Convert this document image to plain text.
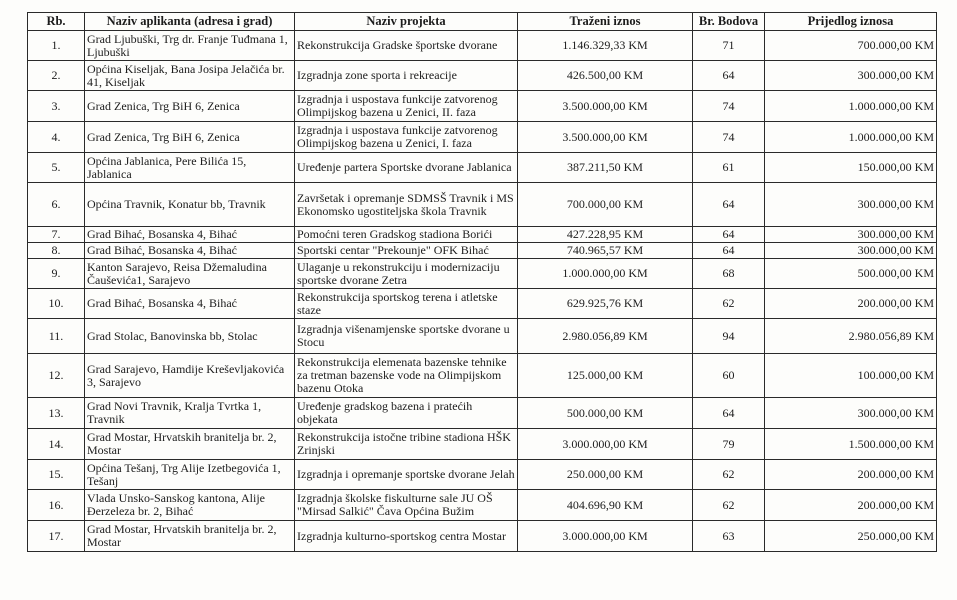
Rb.	Naziv aplikanta (adresa i grad)	Naziv projekta	Traženi iznos	Br. Bodova	Prijedlog iznosa
1.	Grad Ljubuški, Trg dr. Franje Tuđmana 1, Ljubuški	Rekonstrukcija Gradske športske dvorane	1.146.329,33 KM	71	700.000,00 KM
2.	Općina Kiseljak, Bana Josipa Jelačića br. 41, Kiseljak	Izgradnja zone sporta i rekreacije	426.500,00 KM	64	300.000,00 KM
3.	Grad Zenica, Trg BiH 6, Zenica	Izgradnja i uspostava funkcije zatvorenog Olimpijskog bazena u Zenici, II. faza	3.500.000,00 KM	74	1.000.000,00 KM
4.	Grad Zenica, Trg BiH 6, Zenica	Izgradnja i uspostava funkcije zatvorenog Olimpijskog bazena u Zenici, I. faza	3.500.000,00 KM	74	1.000.000,00 KM
5.	Općina Jablanica, Pere Bilića 15, Jablanica	Uređenje partera Sportske dvorane Jablanica	387.211,50 KM	61	150.000,00 KM
6.	Općina Travnik, Konatur bb, Travnik	Završetak i opremanje SDMSŠ Travnik i MS Ekonomsko ugostiteljska škola Travnik	700.000,00 KM	64	300.000,00 KM
7.	Grad Bihać, Bosanska 4, Bihać	Pomoćni teren Gradskog stadiona Borići	427.228,95 KM	64	300.000,00 KM
8.	Grad Bihać, Bosanska 4, Bihać	Sportski centar "Prekounje" OFK Bihać	740.965,57 KM	64	300.000,00 KM
9.	Kanton Sarajevo, Reisa Džemaludina Čauševića1, Sarajevo	Ulaganje u rekonstrukciju i modernizaciju sportske dvorane Zetra	1.000.000,00 KM	68	500.000,00 KM
10.	Grad Bihać, Bosanska 4, Bihać	Rekonstrukcija sportskog terena i atletske staze	629.925,76 KM	62	200.000,00 KM
11.	Grad Stolac, Banovinska bb, Stolac	Izgradnja višenamjenske sportske dvorane u Stocu	2.980.056,89 KM	94	2.980.056,89 KM
12.	Grad Sarajevo, Hamdije Kreševljakovića 3, Sarajevo	Rekonstrukcija elemenata bazenske tehnike za tretman bazenske vode na Olimpijskom bazenu Otoka	125.000,00 KM	60	100.000,00 KM
13.	Grad Novi Travnik, Kralja Tvrtka 1, Travnik	Uređenje gradskog bazena i pratećih objekata	500.000,00 KM	64	300.000,00 KM
14.	Grad Mostar, Hrvatskih branitelja br. 2, Mostar	Rekonstrukcija istočne tribine stadiona HŠK Zrinjski	3.000.000,00 KM	79	1.500.000,00 KM
15.	Općina Tešanj, Trg Alije Izetbegovića 1, Tešanj	Izgradnja i opremanje sportske dvorane Jelah	250.000,00 KM	62	200.000,00 KM
16.	Vlada Unsko-Sanskog kantona, Alije Đerzeleza br. 2, Bihać	Izgradnja školske fiskulturne sale JU OŠ "Mirsad Salkić" Čava Općina Bužim	404.696,90 KM	62	200.000,00 KM
17.	Grad Mostar, Hrvatskih branitelja br. 2, Mostar	Izgradnja kulturno-sportskog centra Mostar	3.000.000,00 KM	63	250.000,00 KM
